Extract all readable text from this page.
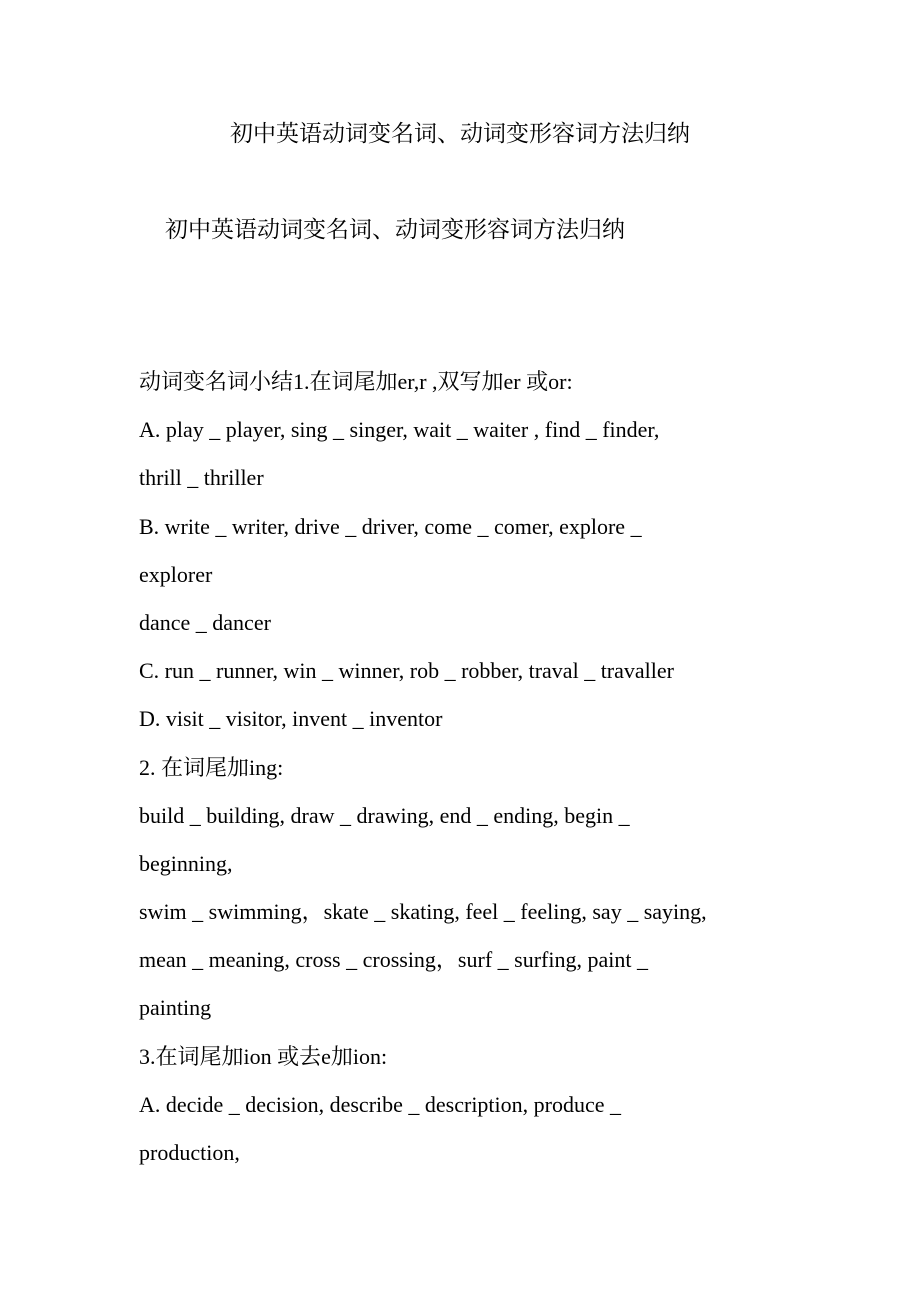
初中英语动词变名词、动词变形容词方法归纳
初中英语动词变名词、动词变形容词方法归纳
动词变名词小结1.在词尾加er,r ,双写加er 或or:
A. play _ player, sing _ singer, wait _ waiter , find _ finder,
thrill _ thriller
B. write _ writer, drive _ driver, come _ comer, explore _
explorer
dance _ dancer
C. run _ runner, win _ winner, rob _ robber, traval _ travaller
D. visit _ visitor, invent _ inventor
2. 在词尾加ing:
build _ building, draw _ drawing, end _ ending, begin _
beginning,
swim _ swimming，skate _ skating, feel _ feeling, say _ saying,
mean _ meaning, cross _ crossing，surf _ surfing, paint _
painting
3.在词尾加ion 或去e加ion:
A. decide _ decision, describe _ description, produce _
production,
